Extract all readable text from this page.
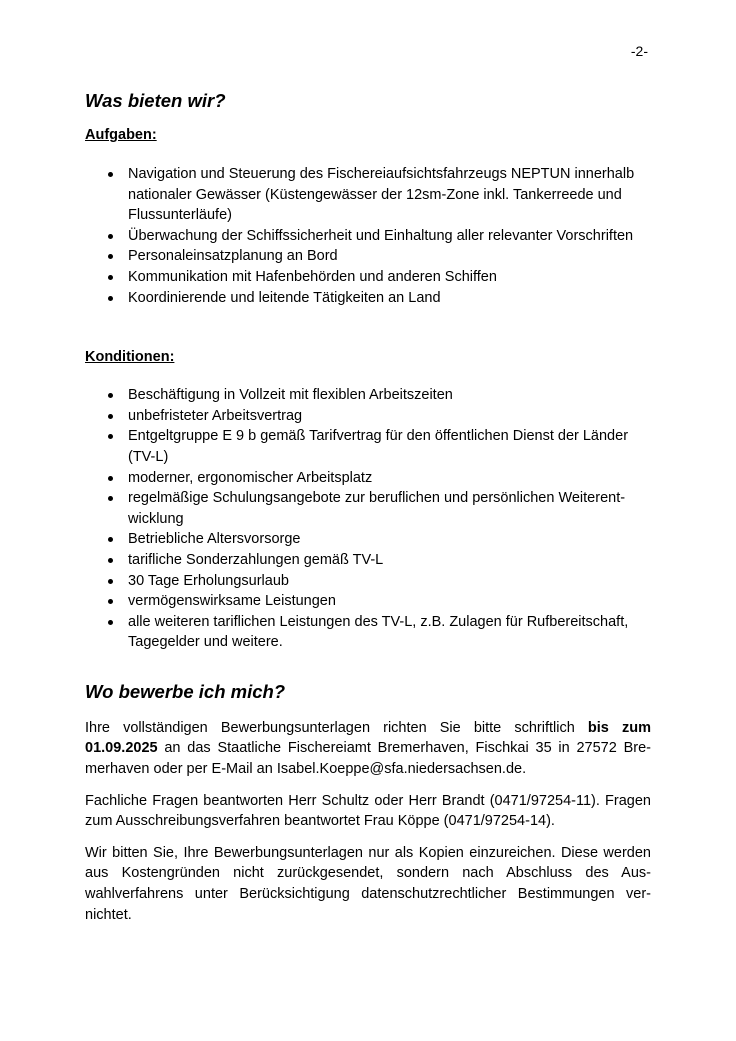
-2-
Was bieten wir?
Aufgaben:
Navigation und Steuerung des Fischereiaufsichtsfahrzeugs NEPTUN innerhalb nationaler Gewässer (Küstengewässer der 12sm-Zone inkl. Tankerreede und Flussunterläufe)
Überwachung der Schiffssicherheit und Einhaltung aller relevanter Vorschriften
Personaleinsatzplanung an Bord
Kommunikation mit Hafenbehörden und anderen Schiffen
Koordinierende und leitende Tätigkeiten an Land
Konditionen:
Beschäftigung in Vollzeit mit flexiblen Arbeitszeiten
unbefristeter Arbeitsvertrag
Entgeltgruppe E 9 b gemäß Tarifvertrag für den öffentlichen Dienst der Länder (TV-L)
moderner, ergonomischer Arbeitsplatz
regelmäßige Schulungsangebote zur beruflichen und persönlichen Weiterentwicklung
Betriebliche Altersvorsorge
tarifliche Sonderzahlungen gemäß TV-L
30 Tage Erholungsurlaub
vermögenswirksame Leistungen
alle weiteren tariflichen Leistungen des TV-L, z.B. Zulagen für Rufbereitschaft, Tagegelder und weitere.
Wo bewerbe ich mich?

Ihre vollständigen Bewerbungsunterlagen richten Sie bitte schriftlich bis zum 01.09.2025 an das Staatliche Fischereiamt Bremerhaven, Fischkai 35 in 27572 Bremerhaven oder per E-Mail an Isabel.Koeppe@sfa.niedersachsen.de.

Fachliche Fragen beantworten Herr Schultz oder Herr Brandt (0471/97254-11). Fragen zum Ausschreibungsverfahren beantwortet Frau Köppe (0471/97254-14).

Wir bitten Sie, Ihre Bewerbungsunterlagen nur als Kopien einzureichen. Diese werden aus Kostengründen nicht zurückgesendet, sondern nach Abschluss des Auswahlverfahrens unter Berücksichtigung datenschutzrechtlicher Bestimmungen vernichtet.
